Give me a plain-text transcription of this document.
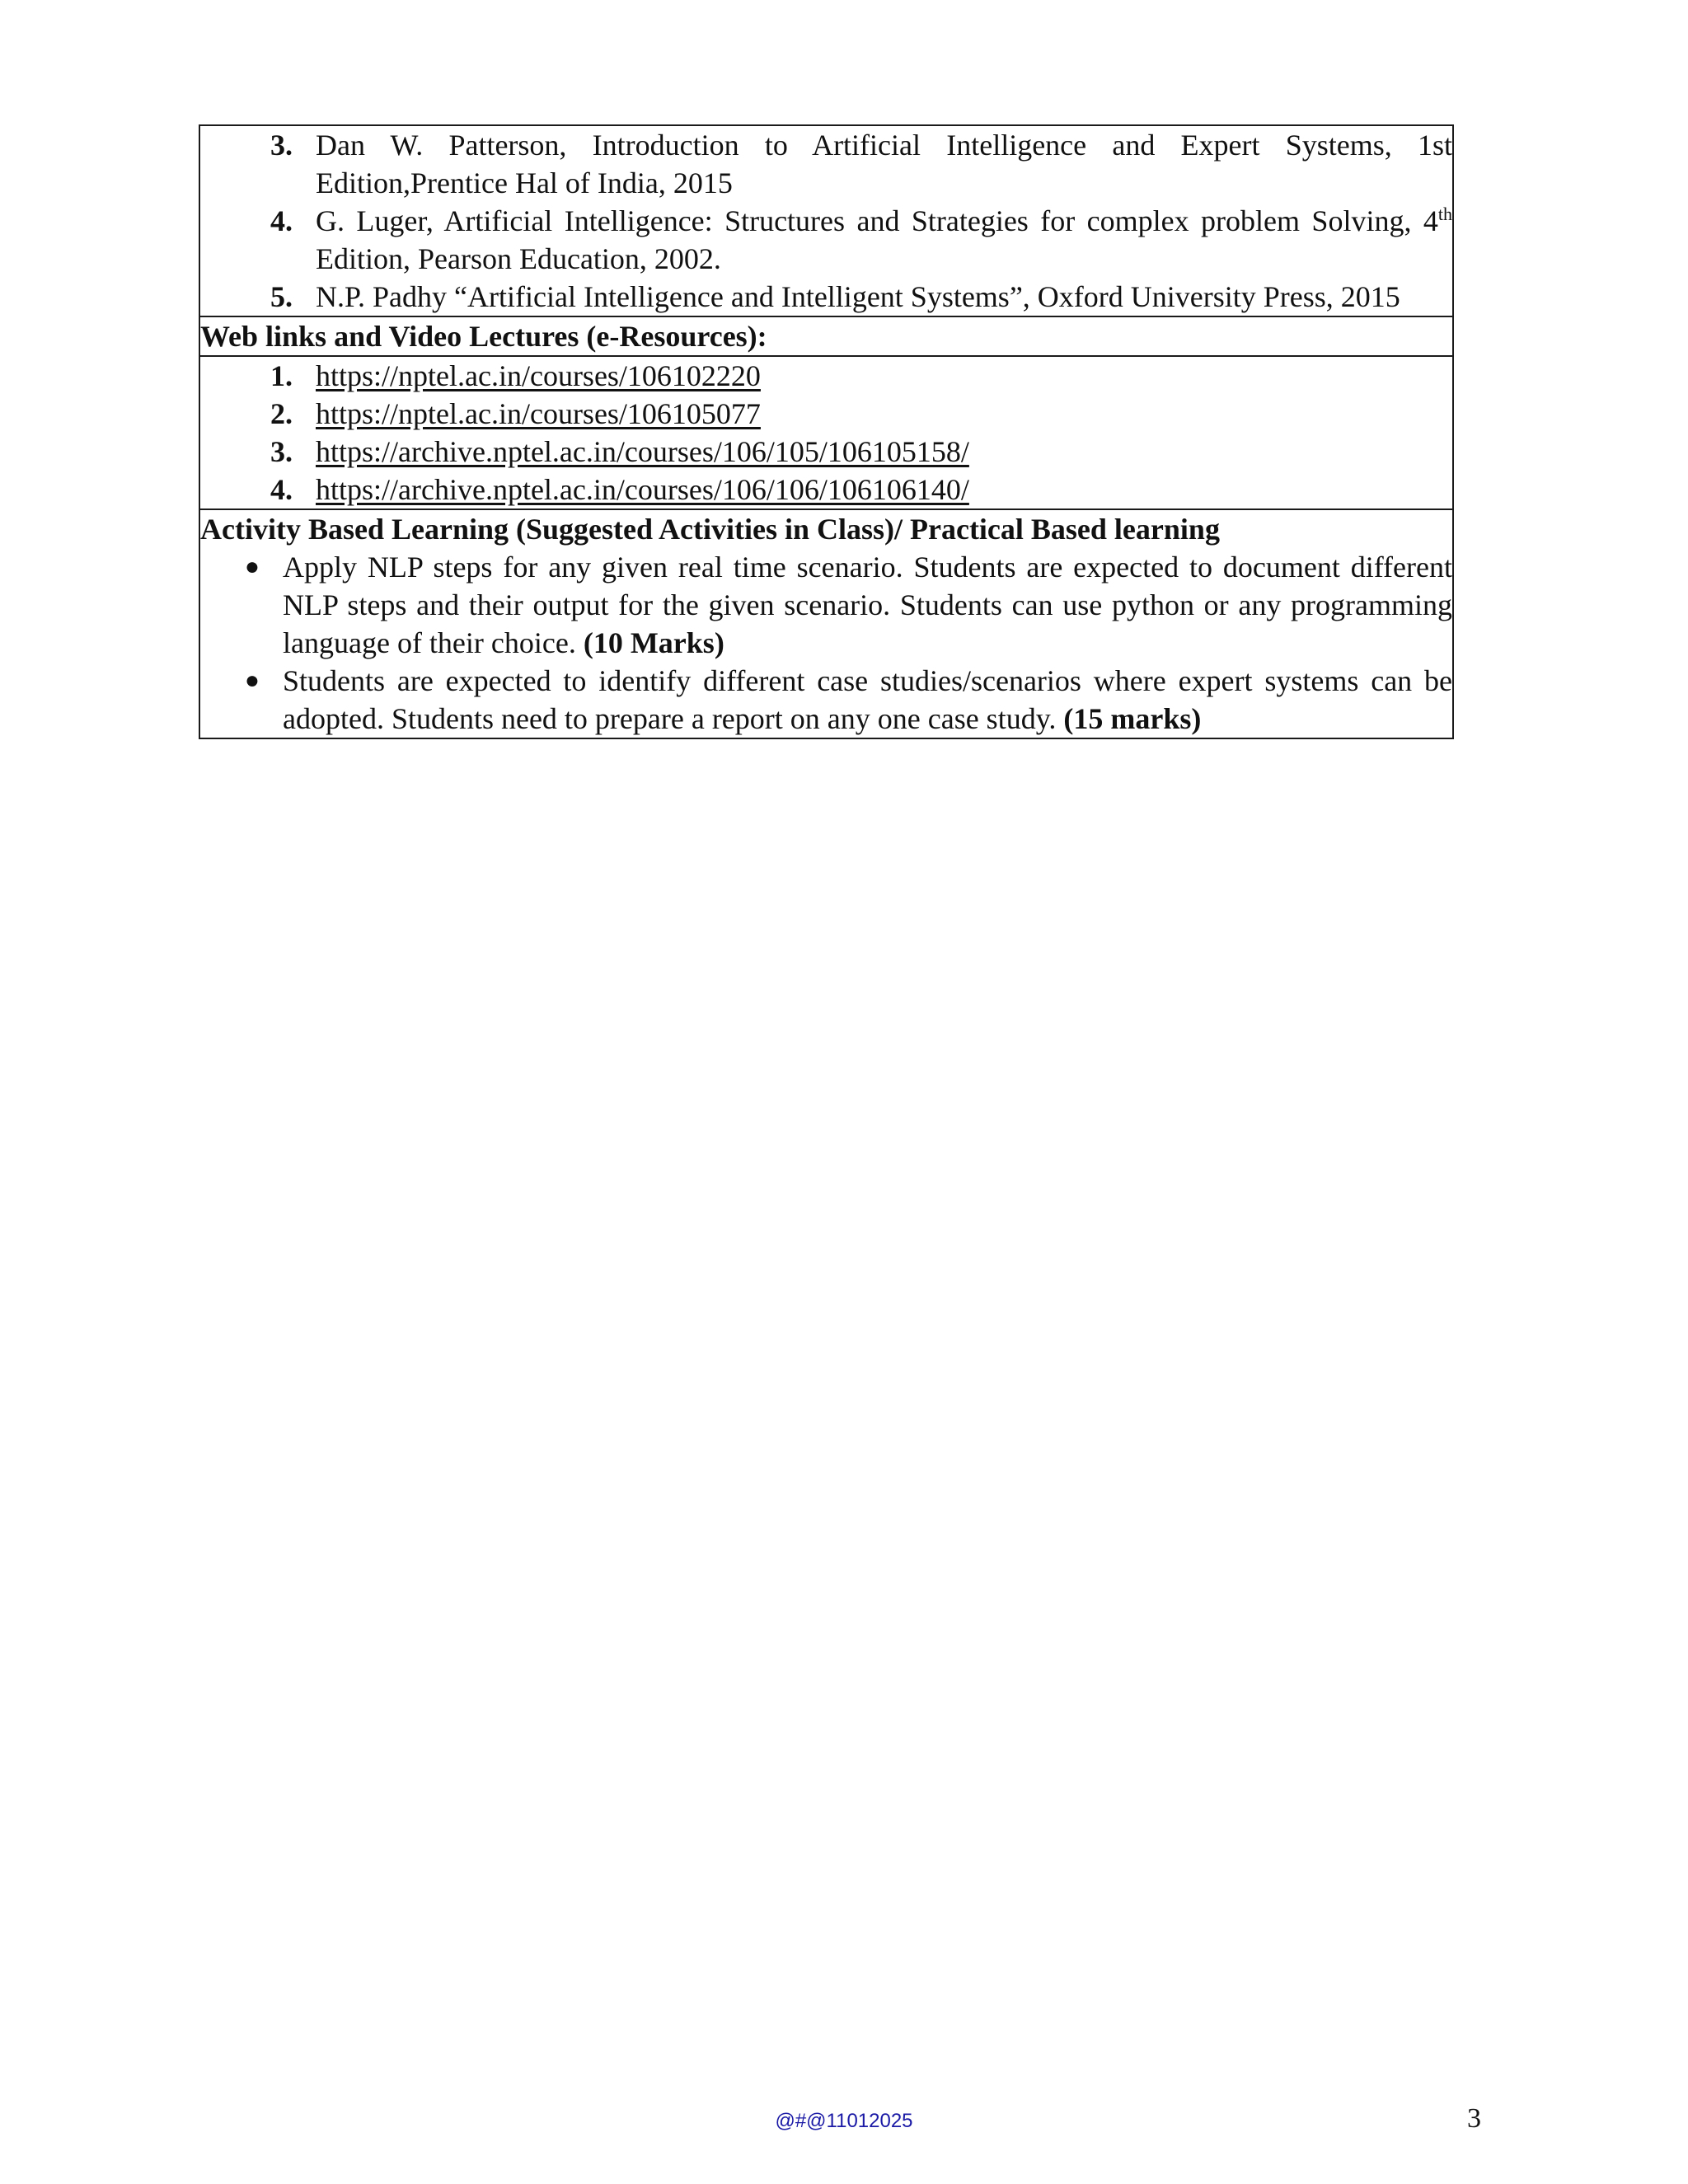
3. Dan W. Patterson, Introduction to Artificial Intelligence and Expert Systems, 1st Edition,Prentice Hal of India, 2015
4. G. Luger, Artificial Intelligence: Structures and Strategies for complex problem Solving, 4th Edition, Pearson Education, 2002.
5. N.P. Padhy “Artificial Intelligence and Intelligent Systems”, Oxford University Press, 2015

Web links and Video Lectures (e-Resources):

1. https://nptel.ac.in/courses/106102220
2. https://nptel.ac.in/courses/106105077
3. https://archive.nptel.ac.in/courses/106/105/106105158/
4. https://archive.nptel.ac.in/courses/106/106/106106140/

Activity Based Learning (Suggested Activities in Class)/ Practical Based learning
● Apply NLP steps for any given real time scenario. Students are expected to document different NLP steps and their output for the given scenario. Students can use python or any programming language of their choice. (10 Marks)
● Students are expected to identify different case studies/scenarios where expert systems can be adopted. Students need to prepare a report on any one case study. (15 marks)
@#@11012025	3
